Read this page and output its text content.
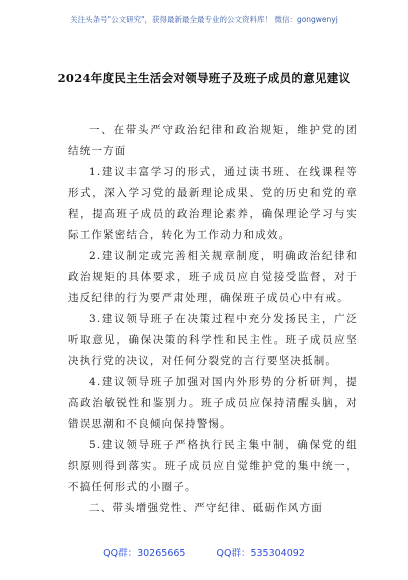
关注头条号"公文研究"，获得最新最全最专业的公文资料库！ 微信：gongwenyj
2024年度民主生活会对领导班子及班子成员的意见建议

一、在带头严守政治纪律和政治规矩，维护党的团结统一方面

1.建议丰富学习的形式，通过读书班、在线课程等形式，深入学习党的最新理论成果、党的历史和党的章程，提高班子成员的政治理论素养，确保理论学习与实际工作紧密结合，转化为工作动力和成效。

2.建议制定或完善相关规章制度，明确政治纪律和政治规矩的具体要求，班子成员应自觉接受监督，对于违反纪律的行为要严肃处理，确保班子成员心中有戒。

3.建议领导班子在决策过程中充分发扬民主，广泛听取意见，确保决策的科学性和民主性。班子成员应坚决执行党的决议，对任何分裂党的言行要坚决抵制。

4.建议领导班子加强对国内外形势的分析研判，提高政治敏锐性和鉴别力。班子成员应保持清醒头脑，对错误思潮和不良倾向保持警惕。

5.建议领导班子严格执行民主集中制，确保党的组织原则得到落实。班子成员应自觉维护党的集中统一，不搞任何形式的小圈子。

二、带头增强党性、严守纪律、砥砺作风方面

QQ群：30265665	QQ群：535304092
